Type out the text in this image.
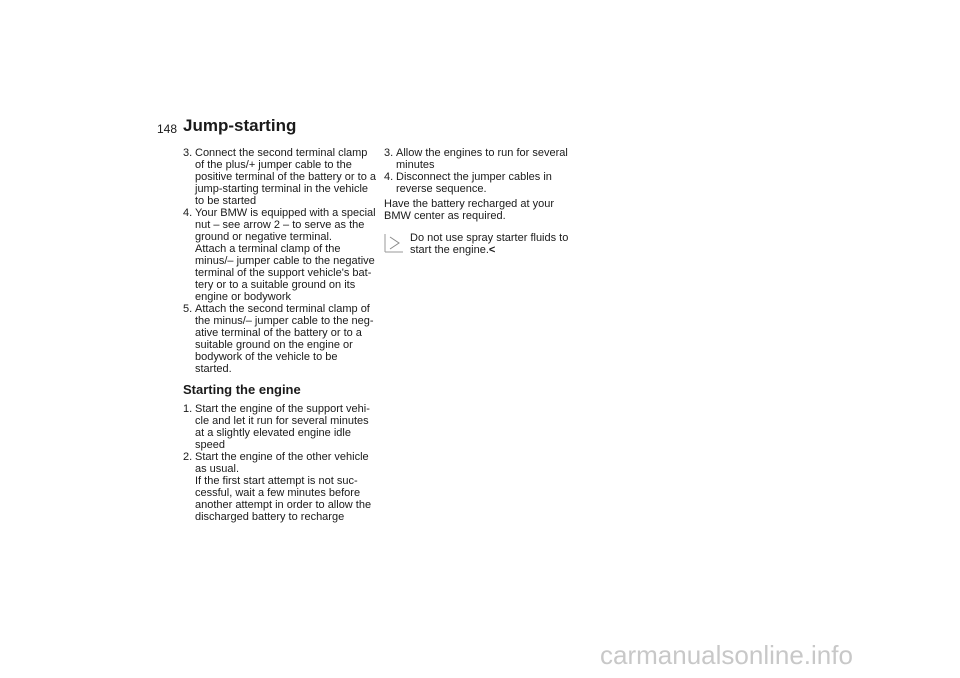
148 Jump-starting
3. Connect the second terminal clamp
of the plus/+ jumper cable to the
positive terminal of the battery or to a
jump-starting terminal in the vehicle
to be started
4. Your BMW is equipped with a special
nut – see arrow 2 – to serve as the
ground or negative terminal.
Attach a terminal clamp of the
minus/– jumper cable to the negative
terminal of the support vehicle's bat-
tery or to a suitable ground on its
engine or bodywork
5. Attach the second terminal clamp of
the minus/– jumper cable to the neg-
ative terminal of the battery or to a
suitable ground on the engine or
bodywork of the vehicle to be
started.
Starting the engine
1. Start the engine of the support vehi-
cle and let it run for several minutes
at a slightly elevated engine idle
speed
2. Start the engine of the other vehicle
as usual.
If the first start attempt is not suc-
cessful, wait a few minutes before
another attempt in order to allow the
discharged battery to recharge
3. Allow the engines to run for several
minutes
4. Disconnect the jumper cables in
reverse sequence.

Have the battery recharged at your
BMW center as required.

Do not use spray starter fluids to
start the engine.<
carmanualsonline.info
